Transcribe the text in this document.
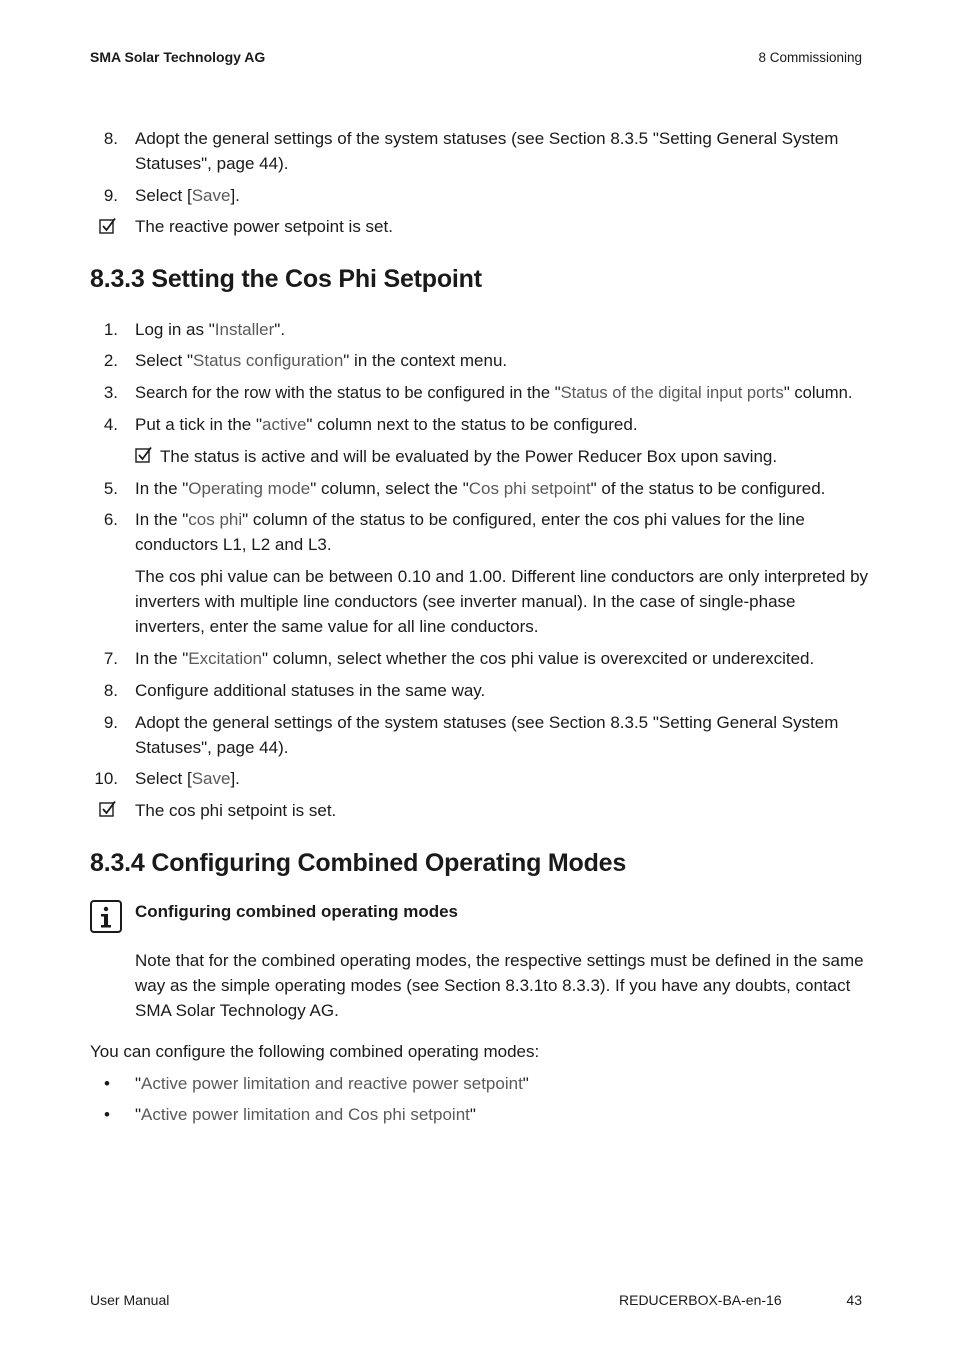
SMA Solar Technology AG	8 Commissioning
8. Adopt the general settings of the system statuses (see Section 8.3.5 "Setting General System Statuses", page 44).
9. Select [Save].
The reactive power setpoint is set.
8.3.3 Setting the Cos Phi Setpoint
1. Log in as "Installer".
2. Select "Status configuration" in the context menu.
3. Search for the row with the status to be configured in the "Status of the digital input ports" column.
4. Put a tick in the "active" column next to the status to be configured.
The status is active and will be evaluated by the Power Reducer Box upon saving.
5. In the "Operating mode" column, select the "Cos phi setpoint" of the status to be configured.
6. In the "cos phi" column of the status to be configured, enter the cos phi values for the line conductors L1, L2 and L3.
The cos phi value can be between 0.10 and 1.00. Different line conductors are only interpreted by inverters with multiple line conductors (see inverter manual). In the case of single-phase inverters, enter the same value for all line conductors.
7. In the "Excitation" column, select whether the cos phi value is overexcited or underexcited.
8. Configure additional statuses in the same way.
9. Adopt the general settings of the system statuses (see Section 8.3.5 "Setting General System Statuses", page 44).
10. Select [Save].
The cos phi setpoint is set.
8.3.4 Configuring Combined Operating Modes
Configuring combined operating modes
Note that for the combined operating modes, the respective settings must be defined in the same way as the simple operating modes (see Section 8.3.1to 8.3.3). If you have any doubts, contact SMA Solar Technology AG.
You can configure the following combined operating modes:
• "Active power limitation and reactive power setpoint"
• "Active power limitation and Cos phi setpoint"
User Manual	REDUCERBOX-BA-en-16	43
